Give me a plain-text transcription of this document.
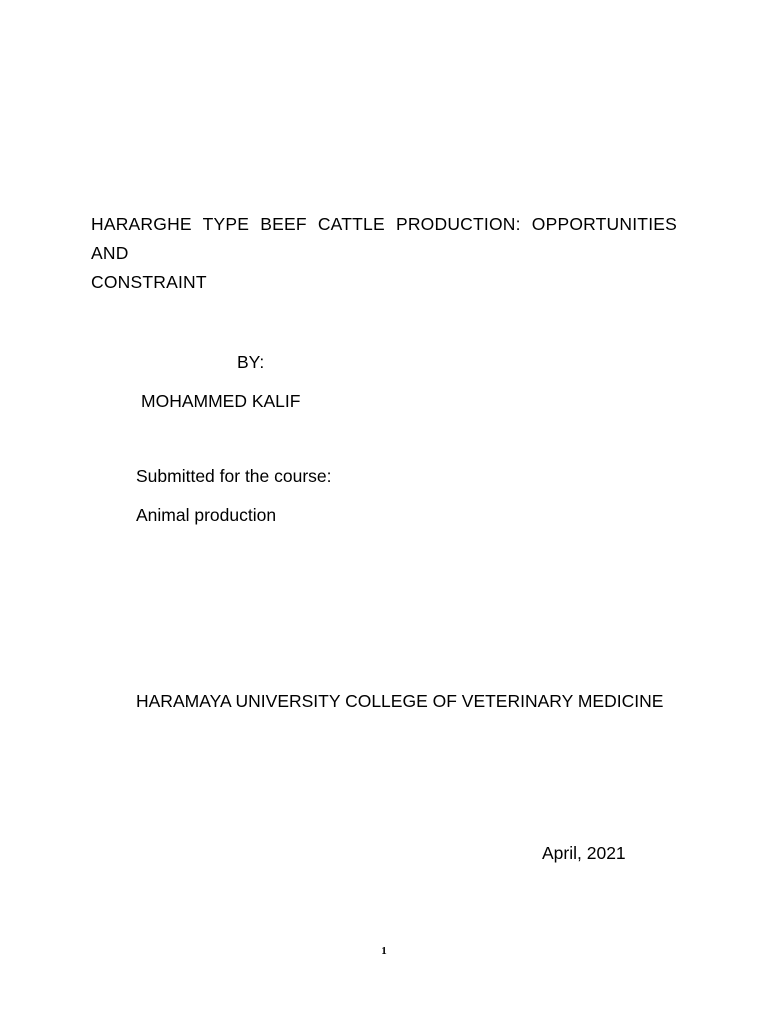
HARARGHE TYPE BEEF CATTLE PRODUCTION: OPPORTUNITIES AND
CONSTRAINT
BY:
MOHAMMED KALIF
Submitted for the course:
Animal production
HARAMAYA UNIVERSITY COLLEGE OF VETERINARY MEDICINE
April, 2021
1
